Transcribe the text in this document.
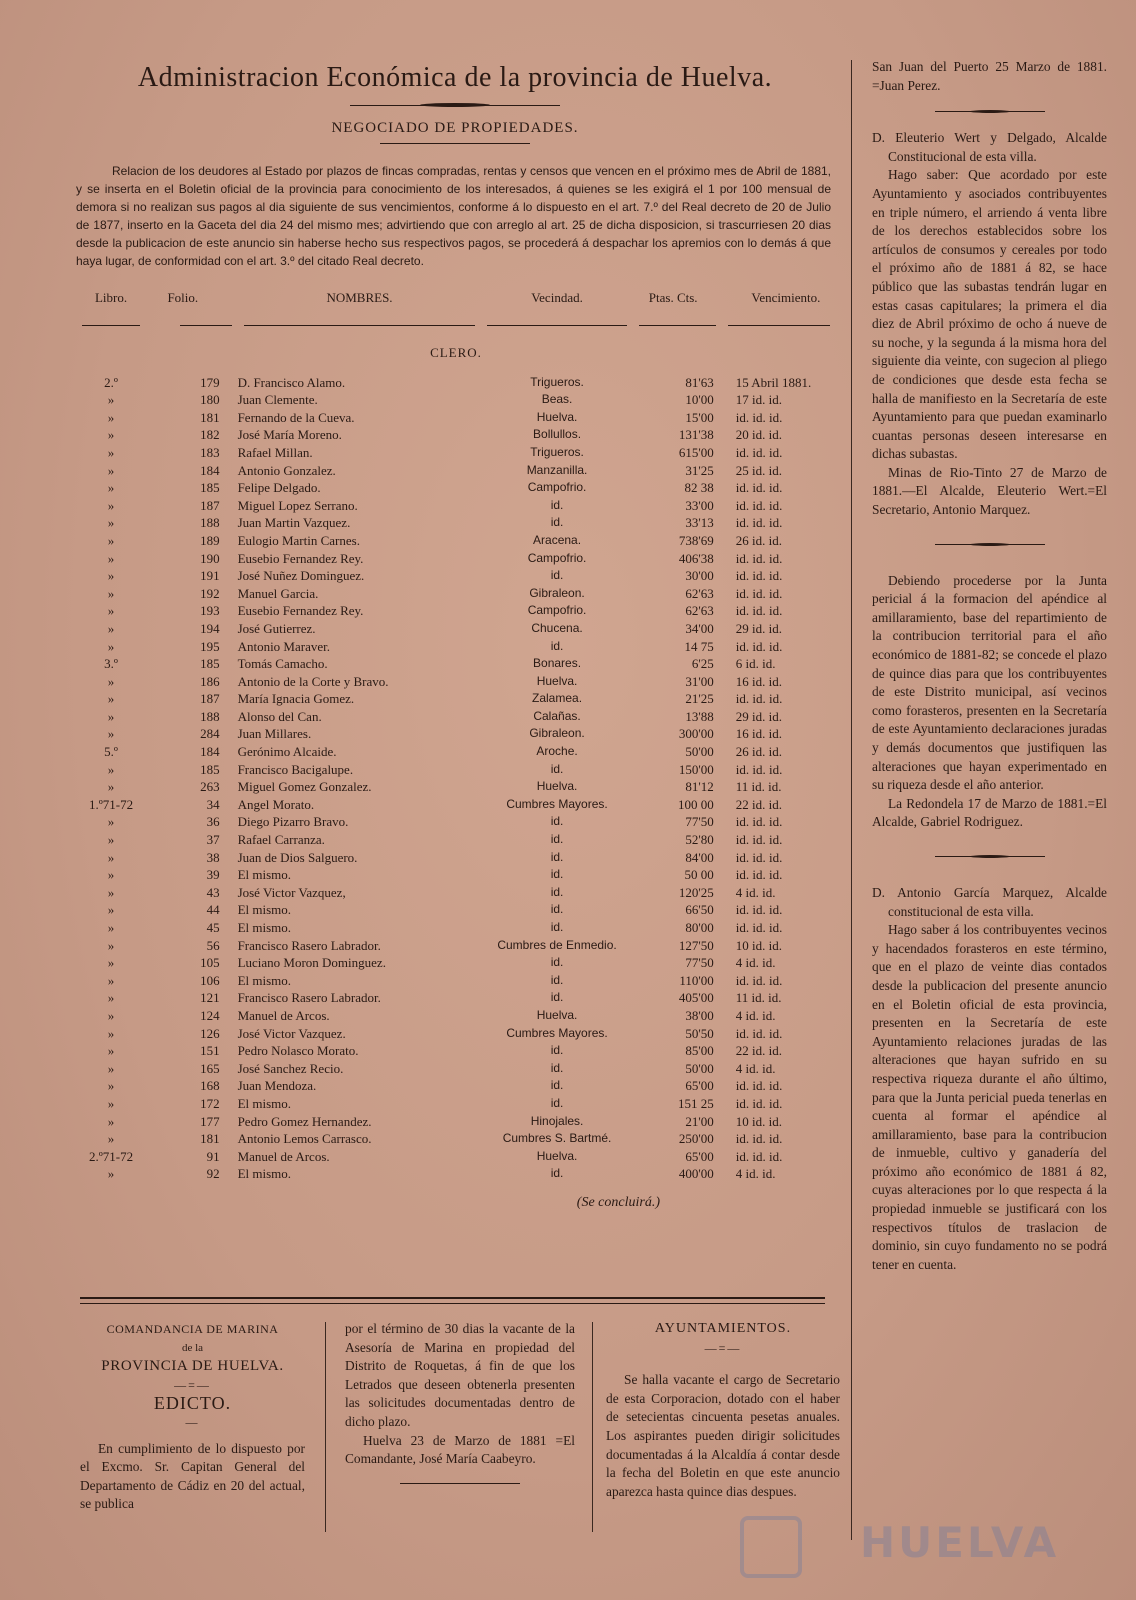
Administracion Económica de la provincia de Huelva.
NEGOCIADO DE PROPIEDADES.

Relacion de los deudores al Estado por plazos de fincas compradas, rentas y censos que vencen en el próximo mes de Abril de 1881, y se inserta en el Boletin oficial de la provincia para conocimiento de los interesados, á quienes se les exigirá el 1 por 100 mensual de demora si no realizan sus pagos al dia siguiente de sus vencimientos, conforme á lo dispuesto en el art. 7.º del Real decreto de 20 de Julio de 1877, inserto en la Gaceta del dia 24 del mismo mes; advirtiendo que con arreglo al art. 25 de dicha disposicion, si trascurriesen 20 dias desde la publicacion de este anuncio sin haberse hecho sus respectivos pagos, se procederá á despachar los apremios con lo demás á que haya lugar, de conformidad con el art. 3.º del citado Real decreto.

Libro.	Folio.	NOMBRES.	Vecindad.	Ptas. Cts.	Vencimiento.

CLERO.					
2.º	179	D. Francisco Alamo.	Trigueros.	81'63	15 Abril 1881.
»	180	Juan Clemente.	Beas.	10'00	17 id. id.
»	181	Fernando de la Cueva.	Huelva.	15'00	id. id. id.
»	182	José María Moreno.	Bollullos.	131'38	20 id. id.
»	183	Rafael Millan.	Trigueros.	615'00	id. id. id.
»	184	Antonio Gonzalez.	Manzanilla.	31'25	25 id. id.
»	185	Felipe Delgado.	Campofrio.	82 38	id. id. id.
»	187	Miguel Lopez Serrano.	id.	33'00	id. id. id.
»	188	Juan Martin Vazquez.	id.	33'13	id. id. id.
»	189	Eulogio Martin Carnes.	Aracena.	738'69	26 id. id.
»	190	Eusebio Fernandez Rey.	Campofrio.	406'38	id. id. id.
»	191	José Nuñez Dominguez.	id.	30'00	id. id. id.
»	192	Manuel Garcia.	Gibraleon.	62'63	id. id. id.
»	193	Eusebio Fernandez Rey.	Campofrio.	62'63	id. id. id.
»	194	José Gutierrez.	Chucena.	34'00	29 id. id.
»	195	Antonio Maraver.	id.	14 75	id. id. id.
3.º	185	Tomás Camacho.	Bonares.	6'25	6 id. id.
»	186	Antonio de la Corte y Bravo.	Huelva.	31'00	16 id. id.
»	187	María Ignacia Gomez.	Zalamea.	21'25	id. id. id.
»	188	Alonso del Can.	Calañas.	13'88	29 id. id.
»	284	Juan Millares.	Gibraleon.	300'00	16 id. id.
5.º	184	Gerónimo Alcaide.	Aroche.	50'00	26 id. id.
»	185	Francisco Bacigalupe.	id.	150'00	id. id. id.
»	263	Miguel Gomez Gonzalez.	Huelva.	81'12	11 id. id.
1.º71-72	34	Angel Morato.	Cumbres Mayores.	100 00	22 id. id.
»	36	Diego Pizarro Bravo.	id.	77'50	id. id. id.
»	37	Rafael Carranza.	id.	52'80	id. id. id.
»	38	Juan de Dios Salguero.	id.	84'00	id. id. id.
»	39	El mismo.	id.	50 00	id. id. id.
»	43	José Victor Vazquez,	id.	120'25	4 id. id.
»	44	El mismo.	id.	66'50	id. id. id.
»	45	El mismo.	id.	80'00	id. id. id.
»	56	Francisco Rasero Labrador.	Cumbres de Enmedio.	127'50	10 id. id.
»	105	Luciano Moron Dominguez.	id.	77'50	4 id. id.
»	106	El mismo.	id.	110'00	id. id. id.
»	121	Francisco Rasero Labrador.	id.	405'00	11 id. id.
»	124	Manuel de Arcos.	Huelva.	38'00	4 id. id.
»	126	José Victor Vazquez.	Cumbres Mayores.	50'50	id. id. id.
»	151	Pedro Nolasco Morato.	id.	85'00	22 id. id.
»	165	José Sanchez Recio.	id.	50'00	4 id. id.
»	168	Juan Mendoza.	id.	65'00	id. id. id.
»	172	El mismo.	id.	151 25	id. id. id.
»	177	Pedro Gomez Hernandez.	Hinojales.	21'00	10 id. id.
»	181	Antonio Lemos Carrasco.	Cumbres S. Bartmé.	250'00	id. id. id.
2.º71-72	91	Manuel de Arcos.	Huelva.	65'00	id. id. id.
»	92	El mismo.	id.	400'00	4 id. id.
(Se concluirá.)

San Juan del Puerto 25 Marzo de 1881. =Juan Perez.

D. Eleuterio Wert y Delgado, Alcalde Constitucional de esta villa.

Hago saber: Que acordado por este Ayuntamiento y asociados contribuyentes en triple número, el arriendo á venta libre de los derechos establecidos sobre los artículos de consumos y cereales por todo el próximo año de 1881 á 82, se hace público que las subastas tendrán lugar en estas casas capitulares; la primera el dia diez de Abril próximo de ocho á nueve de su noche, y la segunda á la misma hora del siguiente dia veinte, con sugecion al pliego de condiciones que desde esta fecha se halla de manifiesto en la Secretaría de este Ayuntamiento para que puedan examinarlo cuantas personas deseen interesarse en dichas subastas.

Minas de Rio-Tinto 27 de Marzo de 1881.—El Alcalde, Eleuterio Wert.=El Secretario, Antonio Marquez.

Debiendo procederse por la Junta pericial á la formacion del apéndice al amillaramiento, base del repartimiento de la contribucion territorial para el año económico de 1881-82; se concede el plazo de quince dias para que los contribuyentes de este Distrito municipal, así vecinos como forasteros, presenten en la Secretaría de este Ayuntamiento declaraciones juradas y demás documentos que justifiquen las alteraciones que hayan experimentado en su riqueza desde el año anterior.

La Redondela 17 de Marzo de 1881.=El Alcalde, Gabriel Rodriguez.

D. Antonio García Marquez, Alcalde constitucional de esta villa.

Hago saber á los contribuyentes vecinos y hacendados forasteros en este término, que en el plazo de veinte dias contados desde la publicacion del presente anuncio en el Boletin oficial de esta provincia, presenten en la Secretaría de este Ayuntamiento relaciones juradas de las alteraciones que hayan sufrido en su respectiva riqueza durante el año último, para que la Junta pericial pueda tenerlas en cuenta al formar el apéndice al amillaramiento, base para la contribucion de inmueble, cultivo y ganadería del próximo año económico de 1881 á 82, cuyas alteraciones por lo que respecta á la propiedad inmueble se justificará con los respectivos títulos de traslacion de dominio, sin cuyo fundamento no se podrá tener en cuenta.

COMANDANCIA DE MARINA

de la

PROVINCIA DE HUELVA.

—=—

EDICTO.

—

En cumplimiento de lo dispuesto por el Excmo. Sr. Capitan General del Departamento de Cádiz en 20 del actual, se publica

por el término de 30 dias la vacante de la Asesoría de Marina en propiedad del Distrito de Roquetas, á fin de que los Letrados que deseen obtenerla presenten las solicitudes documentadas dentro de dicho plazo.

Huelva 23 de Marzo de 1881 =El Comandante, José María Caabeyro.

AYUNTAMIENTOS.

—=—

Se halla vacante el cargo de Secretario de esta Corporacion, dotado con el haber de setecientas cincuenta pesetas anuales. Los aspirantes pueden dirigir solicitudes documentadas á la Alcaldía á contar desde la fecha del Boletin en que este anuncio aparezca hasta quince dias despues.

HUELVA
